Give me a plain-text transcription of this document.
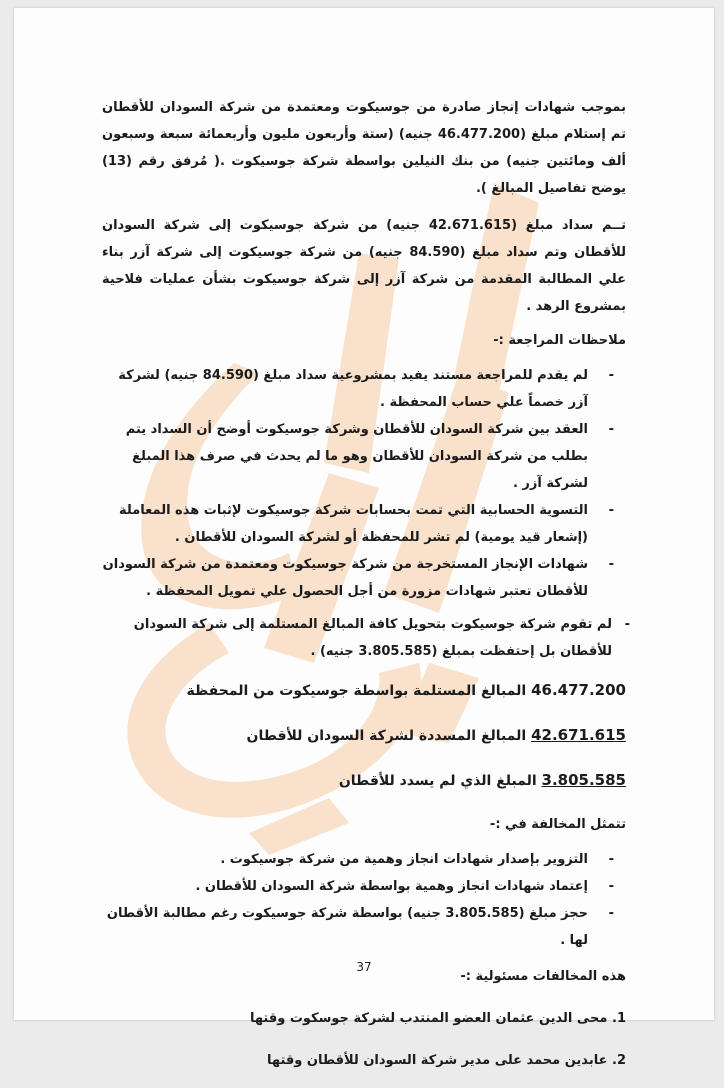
بموجب شهادات إنجاز صادرة من جوسيكوت ومعتمدة من شركة السودان للأقطان تم إستلام مبلغ (46.477.200 جنيه) (ستة وأربعون مليون وأربعمائة سبعة وسبعون ألف ومائتين جنيه) من بنك النيلين بواسطة شركة جوسيكوت .( مُرفق رقم (13) يوضح تفاصيل المبالغ ).

تــم سداد مبلغ (42.671.615 جنيه) من شركة جوسيكوت إلى شركة السودان للأقطان وتم سداد مبلغ (84.590 جنيه) من شركة جوسيكوت إلى شركة آزر بناء علي المطالبة المقدمة من شركة آزر إلى شركة جوسيكوت بشأن عمليات فلاحية بمشروع الرهد .

ملاحظات المراجعة :-
- لم يقدم للمراجعة مستند يفيد بمشروعية سداد مبلغ (84.590 جنيه) لشركة آزر خصماً علي حساب المحفظة .
- العقد بين شركة السودان للأقطان وشركة جوسيكوت أوضح أن السداد يتم بطلب من شركة السودان للأقطان وهو ما لم يحدث في صرف هذا المبلغ لشركة آزر .
- التسوية الحسابية التي تمت بحسابات شركة جوسيكوت لإثبات هذه المعاملة (إشعار قيد يومية) لم تشر للمحفظة أو لشركة السودان للأقطان .
- شهادات الإنجاز المستخرجة من شركة جوسيكوت ومعتمدة من شركة السودان للأقطان تعتبر شهادات مزورة من أجل الحصول علي تمويل المحفظة .
- لم تقوم شركة جوسيكوت بتحويل كافة المبالغ المستلمة إلى شركة السودان للأقطان بل إحتفظت بمبلغ (3.805.585 جنيه) .
46.477.200 المبالغ المستلمة بواسطة جوسيكوت من المحفظة
42.671.615 المبالغ المسددة لشركة السودان للأقطان
3.805.585 المبلغ الذي لم يسدد للأقطان
تتمثل المخالفة في :-
- التزوير بإصدار شهادات انجاز وهمية من شركة جوسيكوت .
- إعتماد شهادات انجاز وهمية بواسطة شركة السودان للأقطان .
- حجز مبلغ (3.805.585 جنيه) بواسطة شركة جوسيكوت رغم مطالبة الأقطان لها .
هذه المخالفات مسئولية :-
1. محى الدين عثمان العضو المنتدب لشركة جوسكوت وقتها
2. عابدين محمد على مدير شركة السودان للأقطان وقتها
37
